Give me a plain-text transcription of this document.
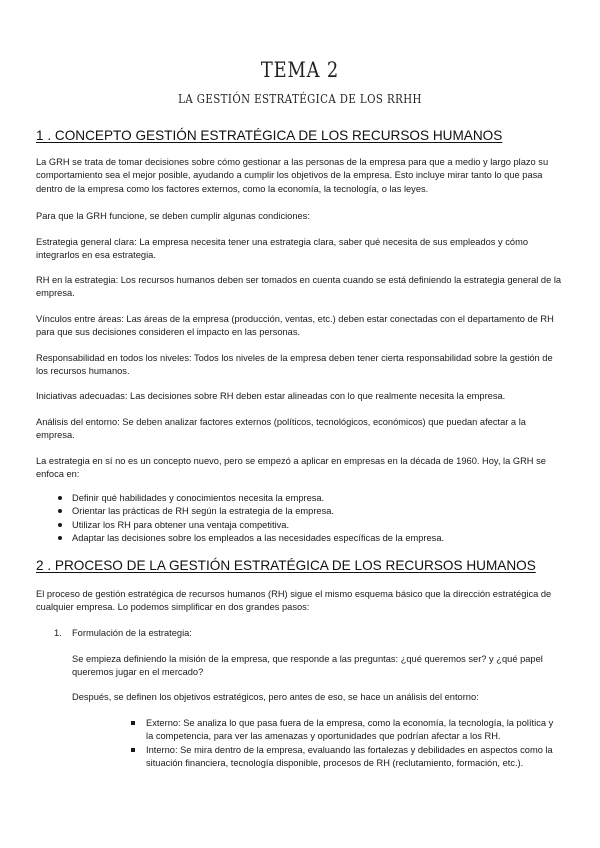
TEMA 2
LA GESTIÓN ESTRATÉGICA DE LOS RRHH
1 . CONCEPTO GESTIÓN ESTRATÉGICA DE LOS RECURSOS HUMANOS

La GRH se trata de tomar decisiones sobre cómo gestionar a las personas de la empresa para que a medio y largo plazo su comportamiento sea el mejor posible, ayudando a cumplir los objetivos de la empresa. Esto incluye mirar tanto lo que pasa dentro de la empresa como los factores externos, como la economía, la tecnología, o las leyes.

Para que la GRH funcione, se deben cumplir algunas condiciones:

Estrategia general clara: La empresa necesita tener una estrategia clara, saber qué necesita de sus empleados y cómo integrarlos en esa estrategia.

RH en la estrategia: Los recursos humanos deben ser tomados en cuenta cuando se está definiendo la estrategia general de la empresa.

Vínculos entre áreas: Las áreas de la empresa (producción, ventas, etc.) deben estar conectadas con el departamento de RH para que sus decisiones consideren el impacto en las personas.

Responsabilidad en todos los niveles: Todos los niveles de la empresa deben tener cierta responsabilidad sobre la gestión de los recursos humanos.

Iniciativas adecuadas: Las decisiones sobre RH deben estar alineadas con lo que realmente necesita la empresa.

Análisis del entorno: Se deben analizar factores externos (políticos, tecnológicos, económicos) que puedan afectar a la empresa.

La estrategia en sí no es un concepto nuevo, pero se empezó a aplicar en empresas en la década de 1960. Hoy, la GRH se enfoca en:

Definir qué habilidades y conocimientos necesita la empresa.
Orientar las prácticas de RH según la estrategia de la empresa.
Utilizar los RH para obtener una ventaja competitiva.
Adaptar las decisiones sobre los empleados a las necesidades específicas de la empresa.
2 . PROCESO DE LA GESTIÓN ESTRATÉGICA DE LOS RECURSOS HUMANOS

El proceso de gestión estratégica de recursos humanos (RH) sigue el mismo esquema básico que la dirección estratégica de cualquier empresa. Lo podemos simplificar en dos grandes pasos:

1. Formulación de la estrategia:

Se empieza definiendo la misión de la empresa, que responde a las preguntas: ¿qué queremos ser? y ¿qué papel queremos jugar en el mercado?

Después, se definen los objetivos estratégicos, pero antes de eso, se hace un análisis del entorno:

Externo: Se analiza lo que pasa fuera de la empresa, como la economía, la tecnología, la política y la competencia, para ver las amenazas y oportunidades que podrían afectar a los RH.
Interno: Se mira dentro de la empresa, evaluando las fortalezas y debilidades en aspectos como la situación financiera, tecnología disponible, procesos de RH (reclutamiento, formación, etc.).
